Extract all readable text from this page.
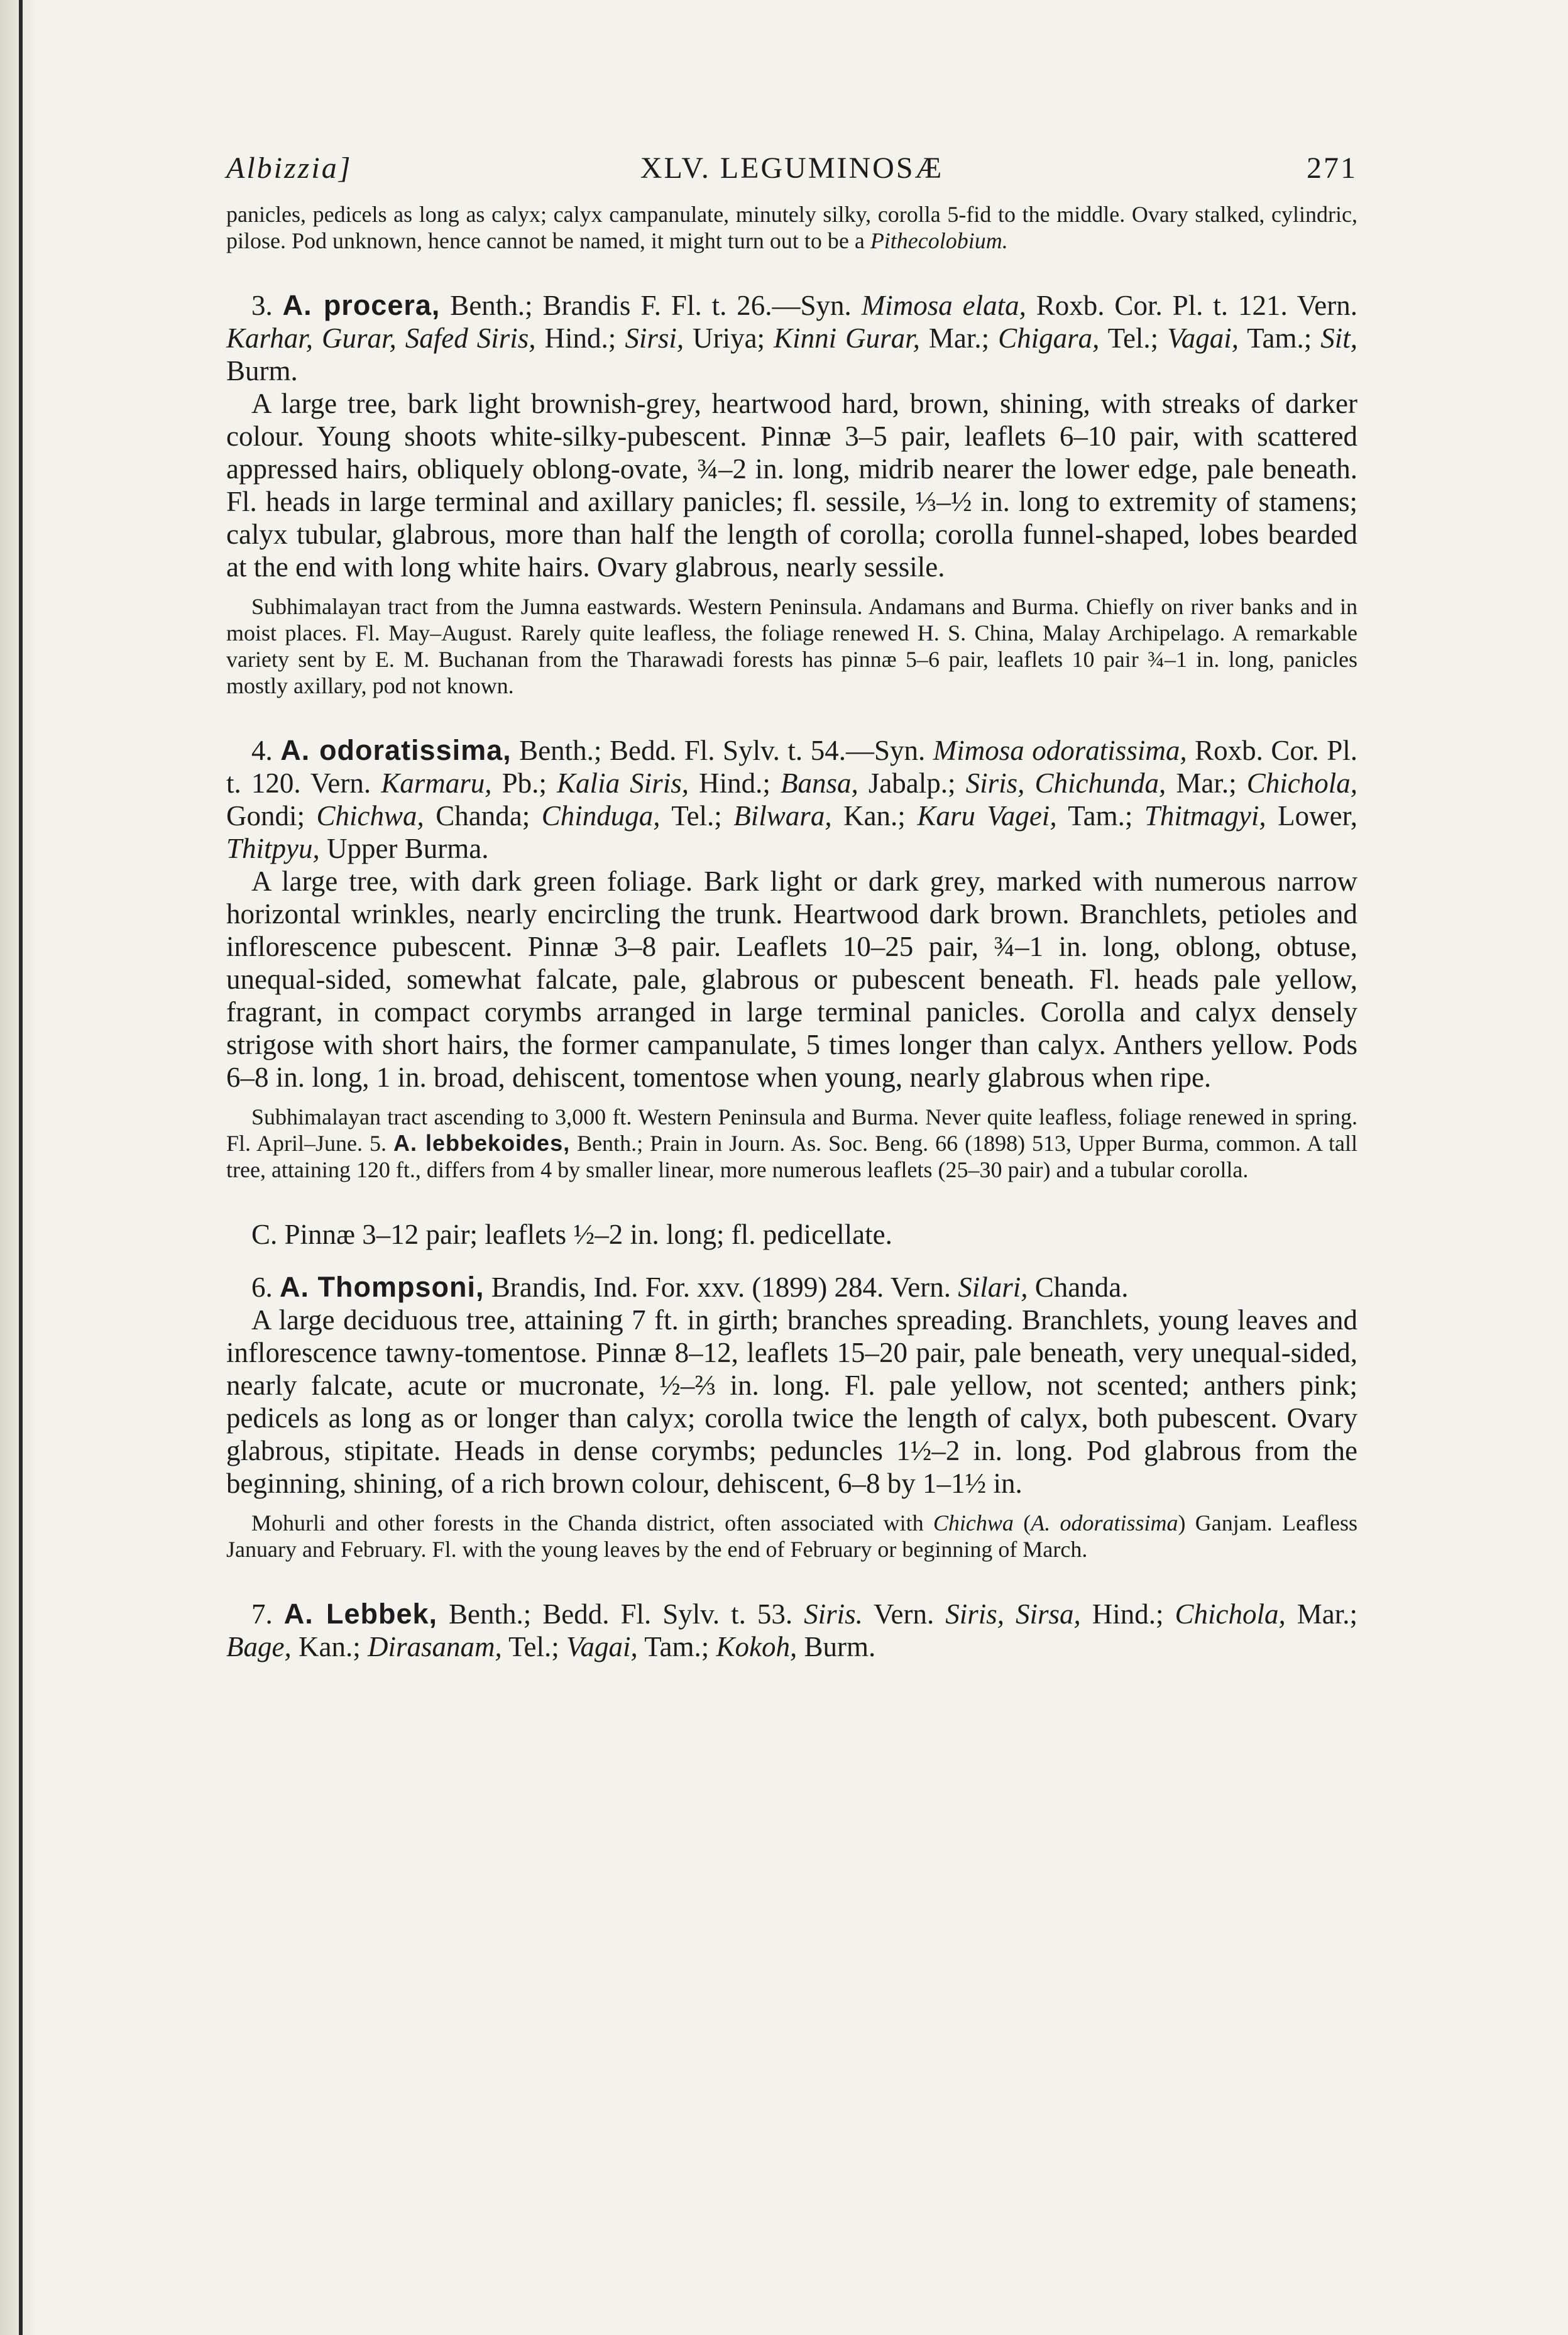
Albizzia]	XLV. LEGUMINOSÆ	271

panicles, pedicels as long as calyx; calyx campanulate, minutely silky, corolla 5-fid to the middle. Ovary stalked, cylindric, pilose. Pod unknown, hence cannot be named, it might turn out to be a Pithecolobium.

3. A. procera, Benth.; Brandis F. Fl. t. 26.—Syn. Mimosa elata, Roxb. Cor. Pl. t. 121. Vern. Karhar, Gurar, Safed Siris, Hind.; Sirsi, Uriya; Kinni Gurar, Mar.; Chigara, Tel.; Vagai, Tam.; Sit, Burm.

A large tree, bark light brownish-grey, heartwood hard, brown, shining, with streaks of darker colour. Young shoots white-silky-pubescent. Pinnæ 3–5 pair, leaflets 6–10 pair, with scattered appressed hairs, obliquely oblong-ovate, ¾–2 in. long, midrib nearer the lower edge, pale beneath. Fl. heads in large terminal and axillary panicles; fl. sessile, ⅓–½ in. long to extremity of stamens; calyx tubular, glabrous, more than half the length of corolla; corolla funnel-shaped, lobes bearded at the end with long white hairs. Ovary glabrous, nearly sessile.

Subhimalayan tract from the Jumna eastwards. Western Peninsula. Andamans and Burma. Chiefly on river banks and in moist places. Fl. May–August. Rarely quite leafless, the foliage renewed H. S. China, Malay Archipelago. A remarkable variety sent by E. M. Buchanan from the Tharawadi forests has pinnæ 5–6 pair, leaflets 10 pair ¾–1 in. long, panicles mostly axillary, pod not known.

4. A. odoratissima, Benth.; Bedd. Fl. Sylv. t. 54.—Syn. Mimosa odoratissima, Roxb. Cor. Pl. t. 120. Vern. Karmaru, Pb.; Kalia Siris, Hind.; Bansa, Jabalp.; Siris, Chichunda, Mar.; Chichola, Gondi; Chichwa, Chanda; Chinduga, Tel.; Bilwara, Kan.; Karu Vagei, Tam.; Thitmagyi, Lower, Thitpyu, Upper Burma.

A large tree, with dark green foliage. Bark light or dark grey, marked with numerous narrow horizontal wrinkles, nearly encircling the trunk. Heartwood dark brown. Branchlets, petioles and inflorescence pubescent. Pinnæ 3–8 pair. Leaflets 10–25 pair, ¾–1 in. long, oblong, obtuse, unequal-sided, somewhat falcate, pale, glabrous or pubescent beneath. Fl. heads pale yellow, fragrant, in compact corymbs arranged in large terminal panicles. Corolla and calyx densely strigose with short hairs, the former campanulate, 5 times longer than calyx. Anthers yellow. Pods 6–8 in. long, 1 in. broad, dehiscent, tomentose when young, nearly glabrous when ripe.

Subhimalayan tract ascending to 3,000 ft. Western Peninsula and Burma. Never quite leafless, foliage renewed in spring. Fl. April–June. 5. A. lebbekoides, Benth.; Prain in Journ. As. Soc. Beng. 66 (1898) 513, Upper Burma, common. A tall tree, attaining 120 ft., differs from 4 by smaller linear, more numerous leaflets (25–30 pair) and a tubular corolla.

C. Pinnæ 3–12 pair; leaflets ½–2 in. long; fl. pedicellate.

6. A. Thompsoni, Brandis, Ind. For. xxv. (1899) 284. Vern. Silari, Chanda.

A large deciduous tree, attaining 7 ft. in girth; branches spreading. Branchlets, young leaves and inflorescence tawny-tomentose. Pinnæ 8–12, leaflets 15–20 pair, pale beneath, very unequal-sided, nearly falcate, acute or mucronate, ½–⅔ in. long. Fl. pale yellow, not scented; anthers pink; pedicels as long as or longer than calyx; corolla twice the length of calyx, both pubescent. Ovary glabrous, stipitate. Heads in dense corymbs; peduncles 1½–2 in. long. Pod glabrous from the beginning, shining, of a rich brown colour, dehiscent, 6–8 by 1–1½ in.

Mohurli and other forests in the Chanda district, often associated with Chichwa (A. odoratissima) Ganjam. Leafless January and February. Fl. with the young leaves by the end of February or beginning of March.

7. A. Lebbek, Benth.; Bedd. Fl. Sylv. t. 53. Siris. Vern. Siris, Sirsa, Hind.; Chichola, Mar.; Bage, Kan.; Dirasanam, Tel.; Vagai, Tam.; Kokoh, Burm.
